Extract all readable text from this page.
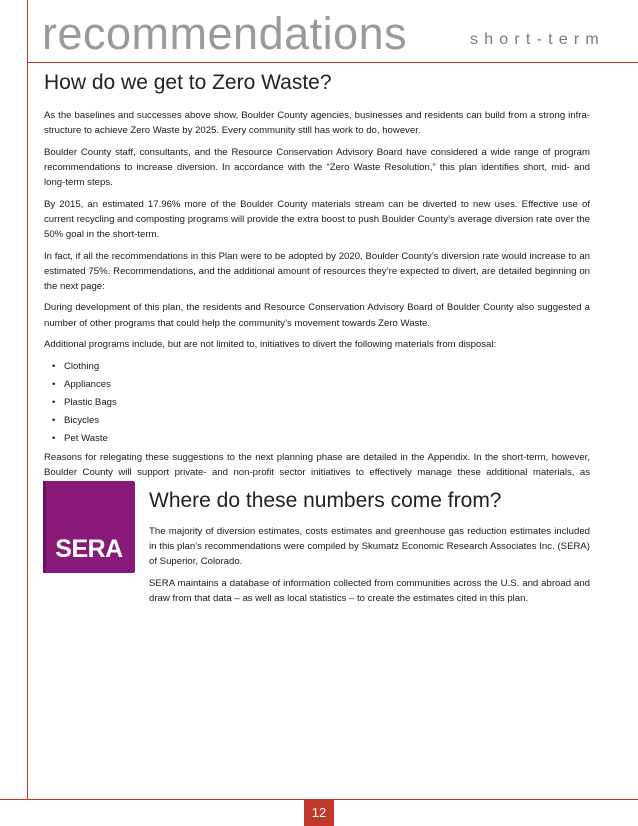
recommendations	short-term
How do we get to Zero Waste?

As the baselines and successes above show, Boulder County agencies, businesses and residents can build from a strong infra-structure to achieve Zero Waste by 2025. Every community still has work to do, however.

Boulder County staff, consultants, and the Resource Conservation Advisory Board have considered a wide range of program recommendations to increase diversion. In accordance with the “Zero Waste Resolution,” this plan identifies short, mid- and long-term steps.

By 2015, an estimated 17.96% more of the Boulder County materials stream can be diverted to new uses. Effective use of current recycling and composting programs will provide the extra boost to push Boulder County’s average diversion rate over the 50% goal in the short-term.

In fact, if all the recommendations in this Plan were to be adopted by 2020, Boulder County’s diversion rate would increase to an estimated 75%. Recommendations, and the additional amount of resources they’re expected to divert, are detailed beginning on the next page:

During development of this plan, the residents and Resource Conservation Advisory Board of Boulder County also suggested a number of other programs that could help the community’s movement towards Zero Waste.

Additional programs include, but are not limited to, initiatives to divert the following materials from disposal:

• Clothing
• Appliances
• Plastic Bags
• Bicycles
• Pet Waste

Reasons for relegating these suggestions to the next planning phase are detailed in the Appendix. In the short-term, however, Boulder County will support private- and non-profit sector initiatives to effectively manage these additional materials, as

SERA
Where do these numbers come from?

The majority of diversion estimates, costs estimates and greenhouse gas reduction estimates included in this plan’s recommendations were compiled by Skumatz Economic Research Associates Inc. (SERA) of Superior, Colorado.

SERA maintains a database of information collected from communities across the U.S. and abroad and draw from that data – as well as local statistics – to create the estimates cited in this plan.

12
